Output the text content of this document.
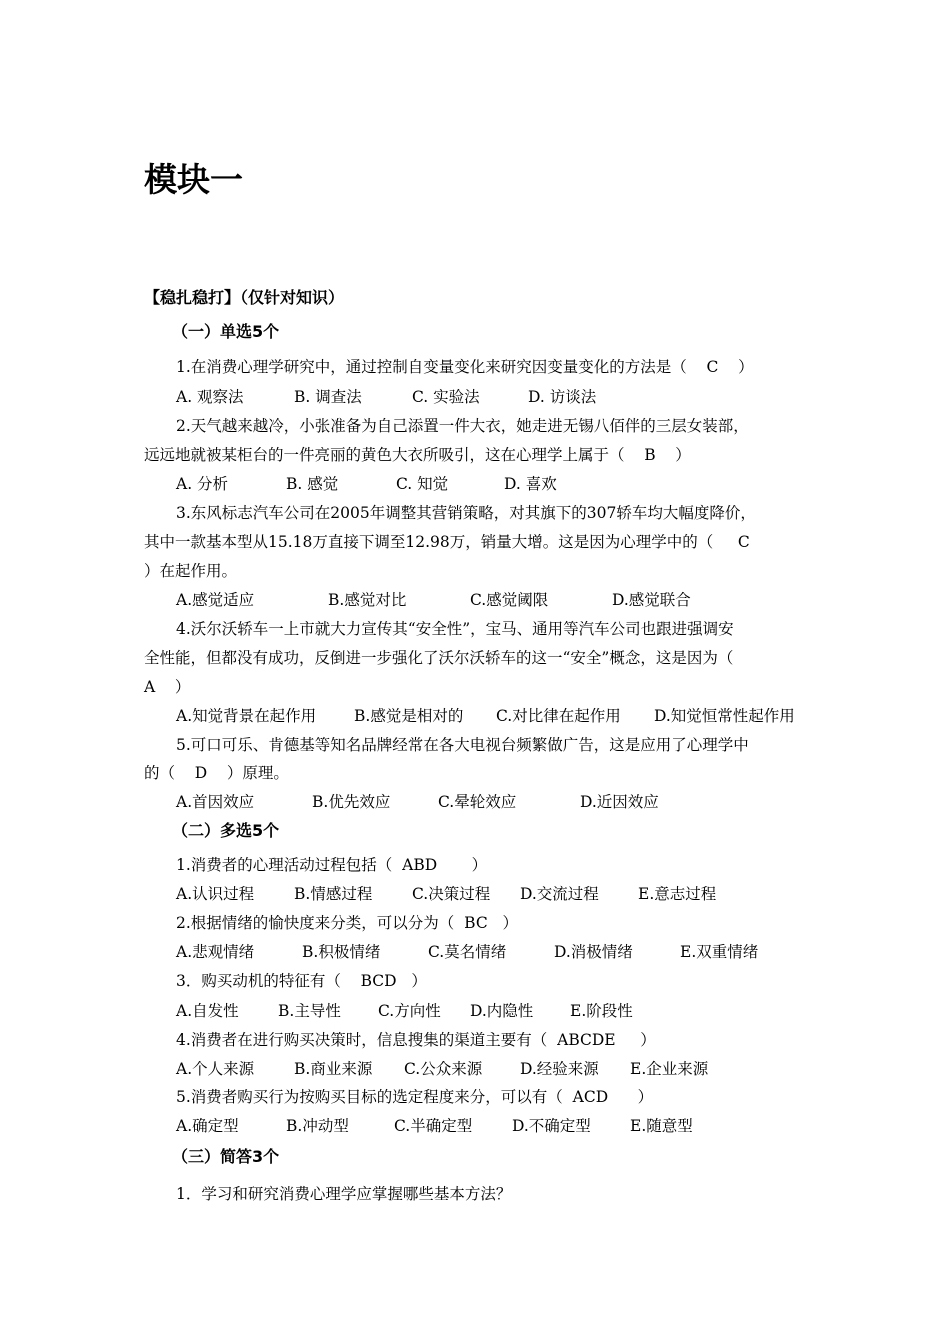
模块一

【稳扎稳打】（仅针对知识）

（一）单选5个

1.在消费心理学研究中，通过控制自变量变化来研究因变量变化的方法是（    C    ）

A. 观察法	B. 调查法	C. 实验法	D. 访谈法

2.天气越来越冷，小张准备为自己添置一件大衣，她走进无锡八佰伴的三层女装部，

远远地就被某柜台的一件亮丽的黄色大衣所吸引，这在心理学上属于（    B    ）

A. 分析	B. 感觉	C. 知觉	D. 喜欢

3.东风标志汽车公司在2005年调整其营销策略，对其旗下的307轿车均大幅度降价，

其中一款基本型从15.18万直接下调至12.98万，销量大增。这是因为心理学中的（     C

）在起作用。

A.感觉适应	B.感觉对比	C.感觉阈限	D.感觉联合

4.沃尔沃轿车一上市就大力宣传其“安全性”，宝马、通用等汽车公司也跟进强调安

全性能，但都没有成功，反倒进一步强化了沃尔沃轿车的这一“安全”概念，这是因为（

A    ）

A.知觉背景在起作用 B.感觉是相对的 C.对比律在起作用 D.知觉恒常性起作用

5.可口可乐、肯德基等知名品牌经常在各大电视台频繁做广告，这是应用了心理学中

的（    D    ）原理。

A.首因效应	B.优先效应	C.晕轮效应	D.近因效应

（二）多选5个

1.消费者的心理活动过程包括（  ABD       ）

A.认识过程	B.情感过程	C.决策过程 D.交流过程	E.意志过程

2.根据情绪的愉快度来分类，可以分为（  BC   ）

A.悲观情绪	B.积极情绪	C.莫名情绪	D.消极情绪	E.双重情绪

3．购买动机的特征有（    BCD   ）

A.自发性	B.主导性 C.方向性 D.内隐性 E.阶段性

4.消费者在进行购买决策时，信息搜集的渠道主要有（  ABCDE     ）

A.个人来源	B.商业来源 C.公众来源 D.经验来源 E.企业来源

5.消费者购买行为按购买目标的选定程度来分，可以有（  ACD      ）

A.确定型	B.冲动型	C.半确定型	D.不确定型	E.随意型

（三）简答3个

1．学习和研究消费心理学应掌握哪些基本方法？
